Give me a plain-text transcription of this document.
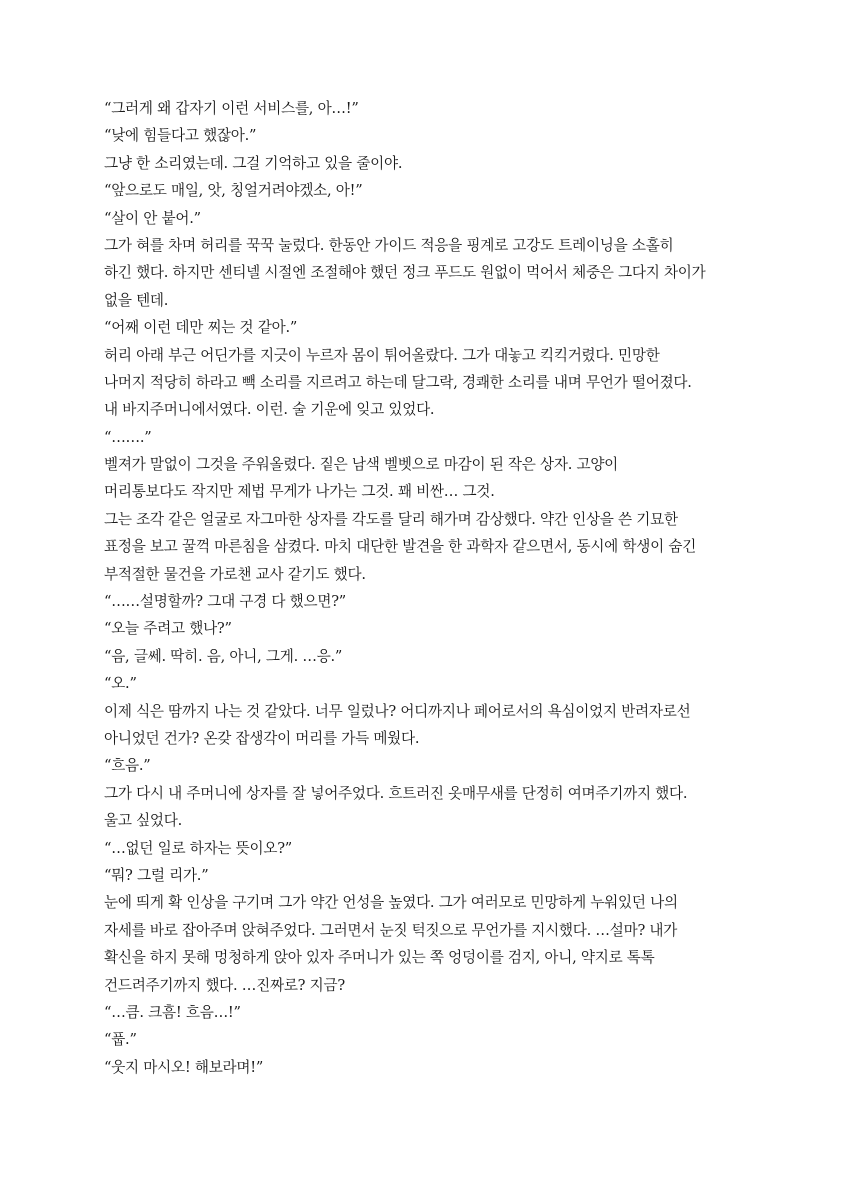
“그러게 왜 갑자기 이런 서비스를, 아…!”
“낮에 힘들다고 했잖아.”
그냥 한 소리였는데. 그걸 기억하고 있을 줄이야.
“앞으로도 매일, 앗, 칭얼거려야겠소, 아!”
“살이 안 붙어.”
그가 혀를 차며 허리를 꾹꾹 눌렀다. 한동안 가이드 적응을 핑계로 고강도 트레이닝을 소홀히
하긴 했다. 하지만 센티넬 시절엔 조절해야 했던 정크 푸드도 원없이 먹어서 체중은 그다지 차이가
없을 텐데.
“어째 이런 데만 찌는 것 같아.”
허리 아래 부근 어딘가를 지긋이 누르자 몸이 튀어올랐다. 그가 대놓고 킥킥거렸다. 민망한
나머지 적당히 하라고 빽 소리를 지르려고 하는데 달그락, 경쾌한 소리를 내며 무언가 떨어졌다.
내 바지주머니에서였다. 이런. 술 기운에 잊고 있었다.
“…….”
벨져가 말없이 그것을 주워올렸다. 짙은 남색 벨벳으로 마감이 된 작은 상자. 고양이
머리통보다도 작지만 제법 무게가 나가는 그것. 꽤 비싼… 그것.
그는 조각 같은 얼굴로 자그마한 상자를 각도를 달리 해가며 감상했다. 약간 인상을 쓴 기묘한
표정을 보고 꿀꺽 마른침을 삼켰다. 마치 대단한 발견을 한 과학자 같으면서, 동시에 학생이 숨긴
부적절한 물건을 가로챈 교사 같기도 했다.
“……설명할까? 그대 구경 다 했으면?”
“오늘 주려고 했나?”
“음, 글쎄. 딱히. 음, 아니, 그게. …응.”
“오.”
이제 식은 땀까지 나는 것 같았다. 너무 일렀나? 어디까지나 페어로서의 욕심이었지 반려자로선
아니었던 건가? 온갖 잡생각이 머리를 가득 메웠다.
“흐음.”
그가 다시 내 주머니에 상자를 잘 넣어주었다. 흐트러진 옷매무새를 단정히 여며주기까지 했다.
울고 싶었다.
“…없던 일로 하자는 뜻이오?”
“뭐? 그럴 리가.”
눈에 띄게 확 인상을 구기며 그가 약간 언성을 높였다. 그가 여러모로 민망하게 누워있던 나의
자세를 바로 잡아주며 앉혀주었다. 그러면서 눈짓 턱짓으로 무언가를 지시했다. …설마? 내가
확신을 하지 못해 멍청하게 앉아 있자 주머니가 있는 쪽 엉덩이를 검지, 아니, 약지로 톡톡
건드려주기까지 했다. …진짜로? 지금?
“…큼. 크흠! 흐음…!”
“풉.”
“웃지 마시오! 해보라며!”
